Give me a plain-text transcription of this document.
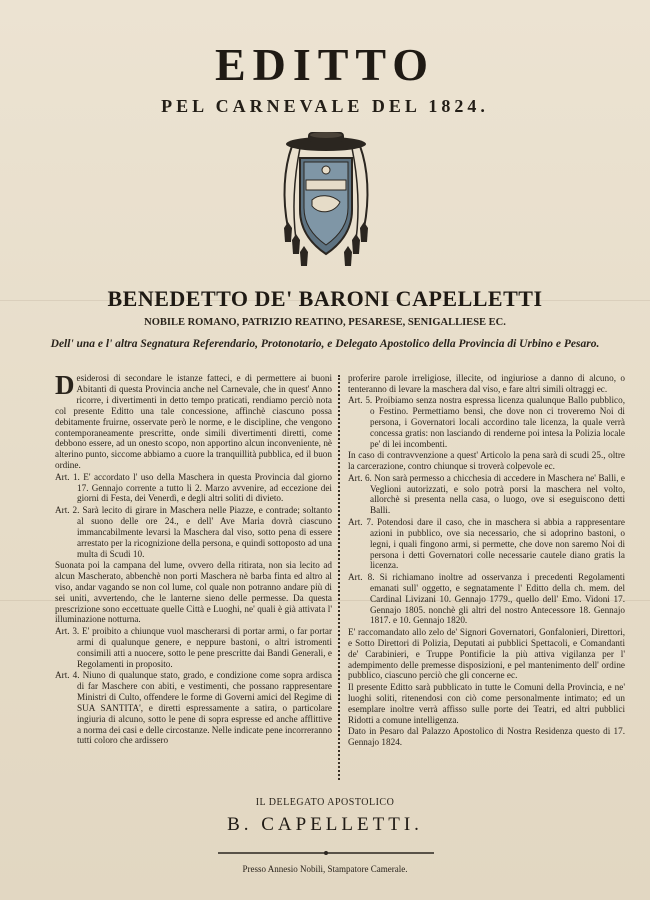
EDITTO
PEL CARNEVALE DEL 1824.
BENEDETTO DE' BARONI CAPELLETTI
NOBILE ROMANO, PATRIZIO REATINO, PESARESE, SENIGALLIESE EC.
Dell' una e l' altra Segnatura Referendario, Protonotario, e Delegato Apostolico della Provincia di Urbino e Pesaro.

Desiderosi di secondare le istanze fatteci, e di permettere ai buoni Abitanti di questa Provincia anche nel Carnevale, che in quest' Anno ricorre, i divertimenti in detto tempo praticati, rendiamo perciò nota col presente Editto una tale concessione, affinchè ciascuno possa debitamente fruirne, osservate però le norme, e le discipline, che vengono contemporaneamente prescritte, onde simili divertimenti diretti, come debbono essere, ad un onesto scopo, non apportino alcun inconveniente, nè alterino punto, siccome abbiamo a cuore la tranquillità pubblica, ed il buon ordine.

Art. 1. E' accordato l' uso della Maschera in questa Provincia dal giorno 17. Gennajo corrente a tutto li 2. Marzo avvenire, ad eccezione dei giorni di Festa, dei Venerdì, e degli altri soliti di divieto.

Art. 2. Sarà lecito di girare in Maschera nelle Piazze, e contrade; soltanto al suono delle ore 24., e dell' Ave Maria dovrà ciascuno immancabilmente levarsi la Maschera dal viso, sotto pena di essere arrestato per la ricognizione della persona, e quindi sottoposto ad una multa di Scudi 10.

Suonata poi la campana del lume, ovvero della ritirata, non sia lecito ad alcun Mascherato, abbenchè non porti Maschera nè barba finta ed altro al viso, andar vagando se non col lume, col quale non potranno andare più di sei uniti, avvertendo, che le lanterne sieno delle permesse. Da questa prescrizione sono eccettuate quelle Città e Luoghi, ne' quali è già attivata l' illuminazione notturna.

Art. 3. E' proibito a chiunque vuol mascherarsi di portar armi, o far portar armi di qualunque genere, e neppure bastoni, o altri istromenti consimili atti a nuocere, sotto le pene prescritte dai Bandi Generali, e Regolamenti in proposito.

Art. 4. Niuno di qualunque stato, grado, e condizione come sopra ardisca di far Maschere con abiti, e vestimenti, che possano rappresentare Ministri di Culto, offendere le forme di Governi amici del Regime di SUA SANTITA', e diretti espressamente a satira, o particolare ingiuria di alcuno, sotto le pene di sopra espresse ed anche afflittive a norma dei casi e delle circostanze. Nelle indicate pene incorreranno tutti coloro che ardissero

proferire parole irreligiose, illecite, od ingiuriose a danno di alcuno, o tenteranno di levare la maschera dal viso, e fare altri simili oltraggi ec.

Art. 5. Proibiamo senza nostra espressa licenza qualunque Ballo pubblico, o Festino. Permettiamo bensì, che dove non ci troveremo Noi di persona, i Governatori locali accordino tale licenza, la quale verrà concessa gratis: non lasciando di renderne poi intesa la Polizia locale pe' di lei incombenti.

In caso di contravvenzione a quest' Articolo la pena sarà di scudi 25., oltre la carcerazione, contro chiunque si troverà colpevole ec.

Art. 6. Non sarà permesso a chicchesia di accedere in Maschera ne' Balli, e Veglioni autorizzati, e solo potrà porsi la maschera nel volto, allorchè si presenta nella casa, o luogo, ove si eseguiscono detti Balli.

Art. 7. Potendosi dare il caso, che in maschera si abbia a rappresentare azioni in pubblico, ove sia necessario, che si adoprino bastoni, o legni, i quali fingono armi, si permette, che dove non saremo Noi di persona i detti Governatori colle necessarie cautele diano gratis la licenza.

Art. 8. Si richiamano inoltre ad osservanza i precedenti Regolamenti emanati sull' oggetto, e segnatamente l' Editto della ch. mem. del Cardinal Livizani 10. Gennajo 1779., quello dell' Emo. Vidoni 17. Gennajo 1805. nonchè gli altri del nostro Antecessore 18. Gennajo 1817. e 10. Gennajo 1820.

E' raccomandato allo zelo de' Signori Governatori, Gonfalonieri, Direttori, e Sotto Direttori di Polizia, Deputati ai pubblici Spettacoli, e Comandanti de' Carabinieri, e Truppe Pontificie la più attiva vigilanza per l' adempimento delle premesse disposizioni, e pel mantenimento dell' ordine pubblico, ciascuno perciò che gli concerne ec.

Il presente Editto sarà pubblicato in tutte le Comuni della Provincia, e ne' luoghi soliti, ritenendosi con ciò come personalmente intimato; ed un esemplare inoltre verrà affisso sulle porte dei Teatri, ed altri pubblici Ridotti a comune intelligenza.

Dato in Pesaro dal Palazzo Apostolico di Nostra Residenza questo di 17. Gennajo 1824.

IL DELEGATO APOSTOLICO
B. CAPELLETTI.
Presso Annesio Nobili, Stampatore Camerale.
